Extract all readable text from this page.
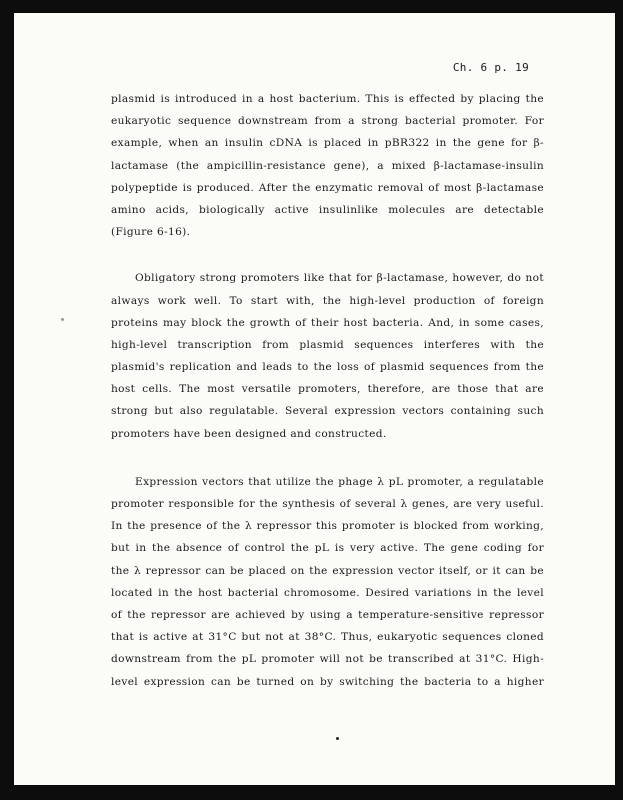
Ch. 6 p. 19
plasmid is introduced in a host bacterium. This is effected by placing the
eukaryotic sequence downstream from a strong bacterial promoter. For
example, when an insulin cDNA is placed in pBR322 in the gene for β-
lactamase (the ampicillin-resistance gene), a mixed β-lactamase-insulin
polypeptide is produced. After the enzymatic removal of most β-lactamase
amino acids, biologically active insulinlike molecules are detectable
(Figure 6-16).
Obligatory strong promoters like that for β-lactamase, however, do not
always work well. To start with, the high-level production of foreign
proteins may block the growth of their host bacteria. And, in some cases,
high-level transcription from plasmid sequences interferes with the
plasmid's replication and leads to the loss of plasmid sequences from the
host cells. The most versatile promoters, therefore, are those that are
strong but also regulatable. Several expression vectors containing such
promoters have been designed and constructed.
Expression vectors that utilize the phage λ pL promoter, a regulatable
promoter responsible for the synthesis of several λ genes, are very useful.
In the presence of the λ repressor this promoter is blocked from working,
but in the absence of control the pL is very active. The gene coding for
the λ repressor can be placed on the expression vector itself, or it can be
located in the host bacterial chromosome. Desired variations in the level
of the repressor are achieved by using a temperature-sensitive repressor
that is active at 31°C but not at 38°C. Thus, eukaryotic sequences cloned
downstream from the pL promoter will not be transcribed at 31°C. High-
level expression can be turned on by switching the bacteria to a higher
